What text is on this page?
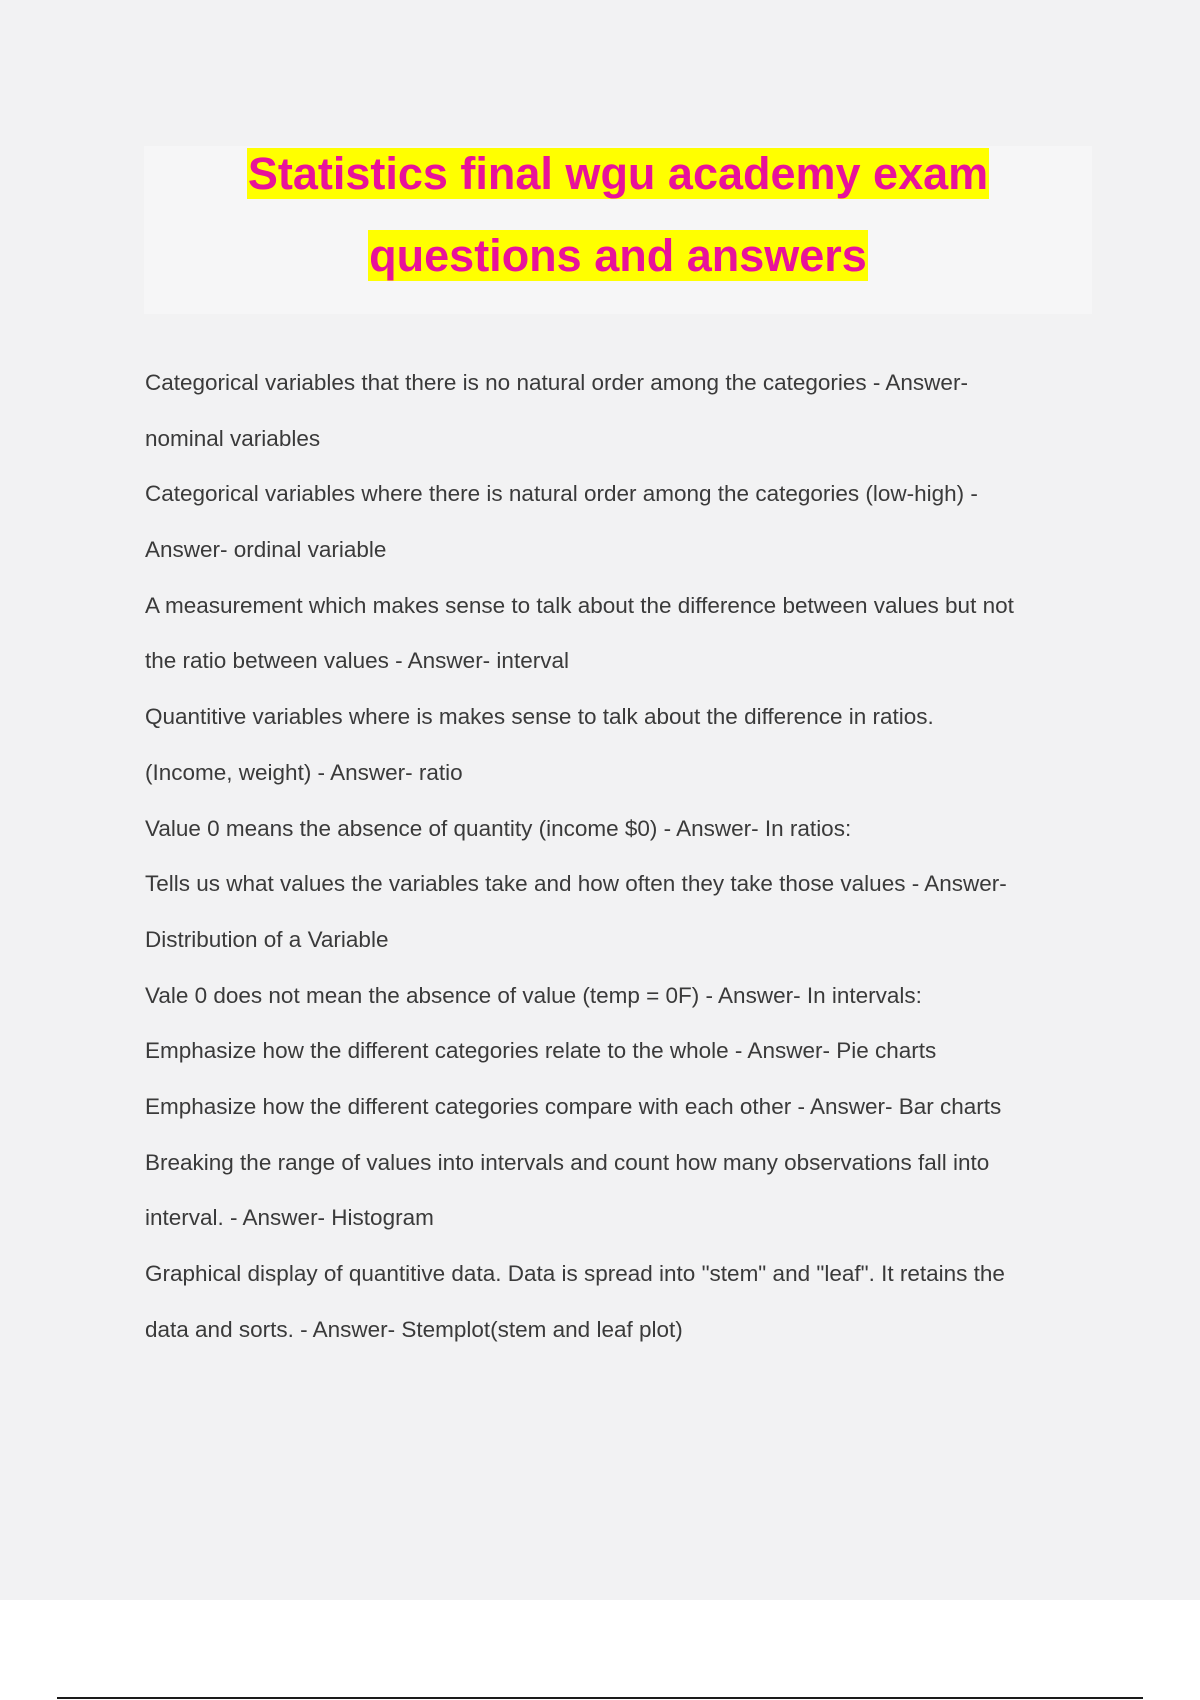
Statistics final wgu academy exam
questions and answers
Categorical variables that there is no natural order among the categories - Answer-
nominal variables
Categorical variables where there is natural order among the categories (low-high) -
Answer- ordinal variable
A measurement which makes sense to talk about the difference between values but not
the ratio between values - Answer- interval
Quantitive variables where is makes sense to talk about the difference in ratios.
(Income, weight) - Answer- ratio
Value 0 means the absence of quantity (income $0) - Answer- In ratios:
Tells us what values the variables take and how often they take those values - Answer-
Distribution of a Variable
Vale 0 does not mean the absence of value (temp = 0F) - Answer- In intervals:
Emphasize how the different categories relate to the whole - Answer- Pie charts
Emphasize how the different categories compare with each other - Answer- Bar charts
Breaking the range of values into intervals and count how many observations fall into
interval. - Answer- Histogram
Graphical display of quantitive data. Data is spread into "stem" and "leaf". It retains the
data and sorts. - Answer- Stemplot(stem and leaf plot)
